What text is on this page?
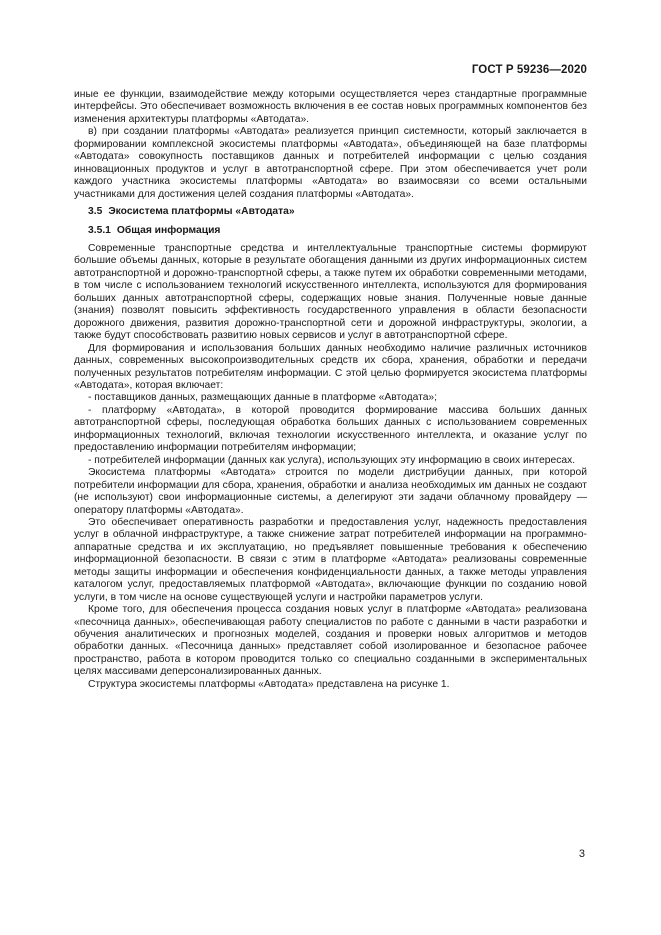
ГОСТ Р 59236—2020

иные ее функции, взаимодействие между которыми осуществляется через стандартные программные интерфейсы. Это обеспечивает возможность включения в ее состав новых программных компонентов без изменения архитектуры платформы «Автодата».

в) при создании платформы «Автодата» реализуется принцип системности, который заключается в формировании комплексной экосистемы платформы «Автодата», объединяющей на базе платформы «Автодата» совокупность поставщиков данных и потребителей информации с целью создания инновационных продуктов и услуг в автотранспортной сфере. При этом обеспечивается учет роли каждого участника экосистемы платформы «Автодата» во взаимосвязи со всеми остальными участниками для достижения целей создания платформы «Автодата».

3.5 Экосистема платформы «Автодата»
3.5.1 Общая информация

Современные транспортные средства и интеллектуальные транспортные системы формируют большие объемы данных, которые в результате обогащения данными из других информационных систем автотранспортной и дорожно-транспортной сферы, а также путем их обработки современными методами, в том числе с использованием технологий искусственного интеллекта, используются для формирования больших данных автотранспортной сферы, содержащих новые знания. Полученные новые данные (знания) позволят повысить эффективность государственного управления в области безопасности дорожного движения, развития дорожно-транспортной сети и дорожной инфраструктуры, экологии, а также будут способствовать развитию новых сервисов и услуг в автотранспортной сфере.

Для формирования и использования больших данных необходимо наличие различных источников данных, современных высокопроизводительных средств их сбора, хранения, обработки и передачи полученных результатов потребителям информации. С этой целью формируется экосистема платформы «Автодата», которая включает:

- поставщиков данных, размещающих данные в платформе «Автодата»;

- платформу «Автодата», в которой проводится формирование массива больших данных автотранспортной сферы, последующая обработка больших данных с использованием современных информационных технологий, включая технологии искусственного интеллекта, и оказание услуг по предоставлению информации потребителям информации;

- потребителей информации (данных как услуга), использующих эту информацию в своих интересах.

Экосистема платформы «Автодата» строится по модели дистрибуции данных, при которой потребители информации для сбора, хранения, обработки и анализа необходимых им данных не создают (не используют) свои информационные системы, а делегируют эти задачи облачному провайдеру — оператору платформы «Автодата».

Это обеспечивает оперативность разработки и предоставления услуг, надежность предоставления услуг в облачной инфраструктуре, а также снижение затрат потребителей информации на программно-аппаратные средства и их эксплуатацию, но предъявляет повышенные требования к обеспечению информационной безопасности. В связи с этим в платформе «Автодата» реализованы современные методы защиты информации и обеспечения конфиденциальности данных, а также методы управления каталогом услуг, предоставляемых платформой «Автодата», включающие функции по созданию новой услуги, в том числе на основе существующей услуги и настройки параметров услуги.

Кроме того, для обеспечения процесса создания новых услуг в платформе «Автодата» реализована «песочница данных», обеспечивающая работу специалистов по работе с данными в части разработки и обучения аналитических и прогнозных моделей, создания и проверки новых алгоритмов и методов обработки данных. «Песочница данных» представляет собой изолированное и безопасное рабочее пространство, работа в котором проводится только со специально созданными в экспериментальных целях массивами деперсонализированных данных.

Структура экосистемы платформы «Автодата» представлена на рисунке 1.

3
